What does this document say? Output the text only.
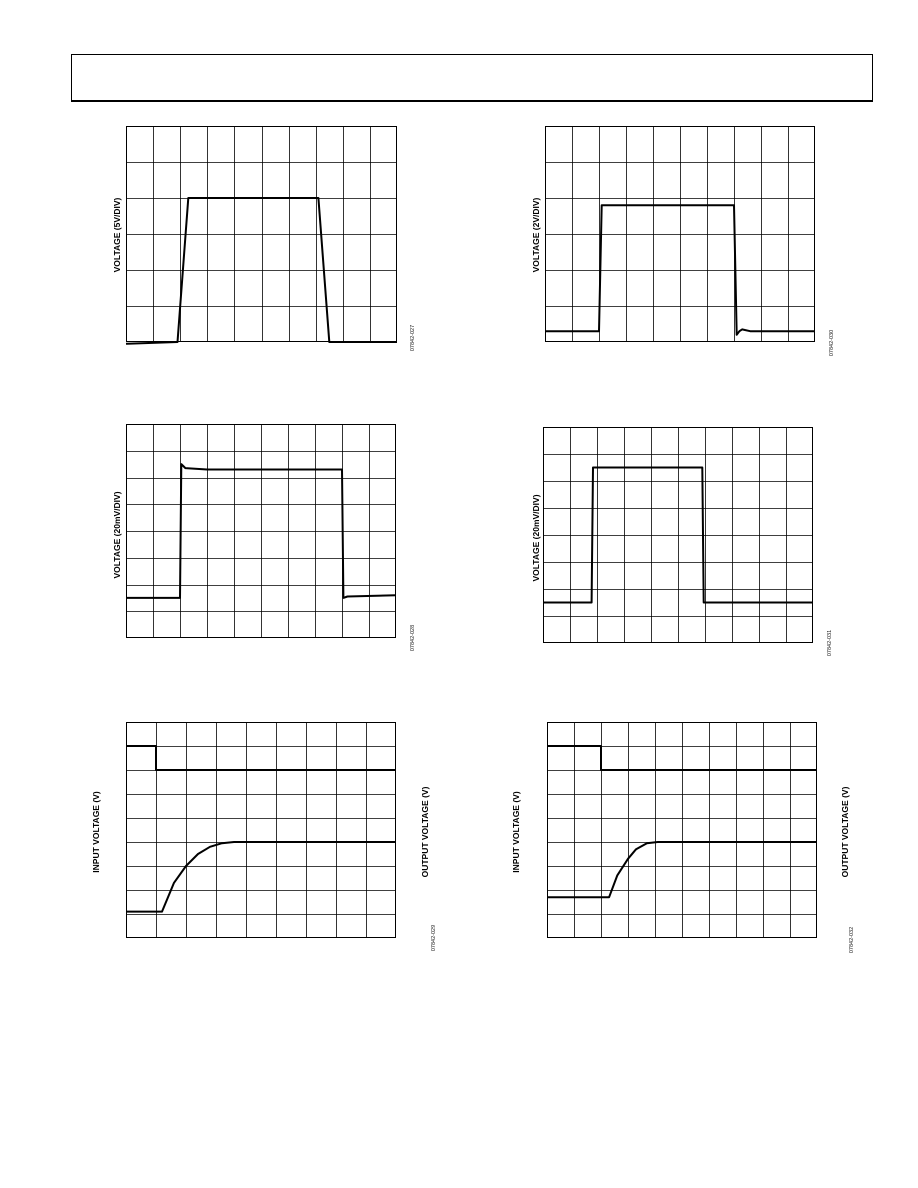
VOLTAGE (5V/DIV)
07842-027
VOLTAGE (2V/DIV)
07842-030
VOLTAGE (20mV/DIV)
07842-028
VOLTAGE (20mV/DIV)
07842-031
INPUT VOLTAGE (V)	OUTPUT VOLTAGE (V)
07842-029
INPUT VOLTAGE (V)	OUTPUT VOLTAGE (V)
07842-032
